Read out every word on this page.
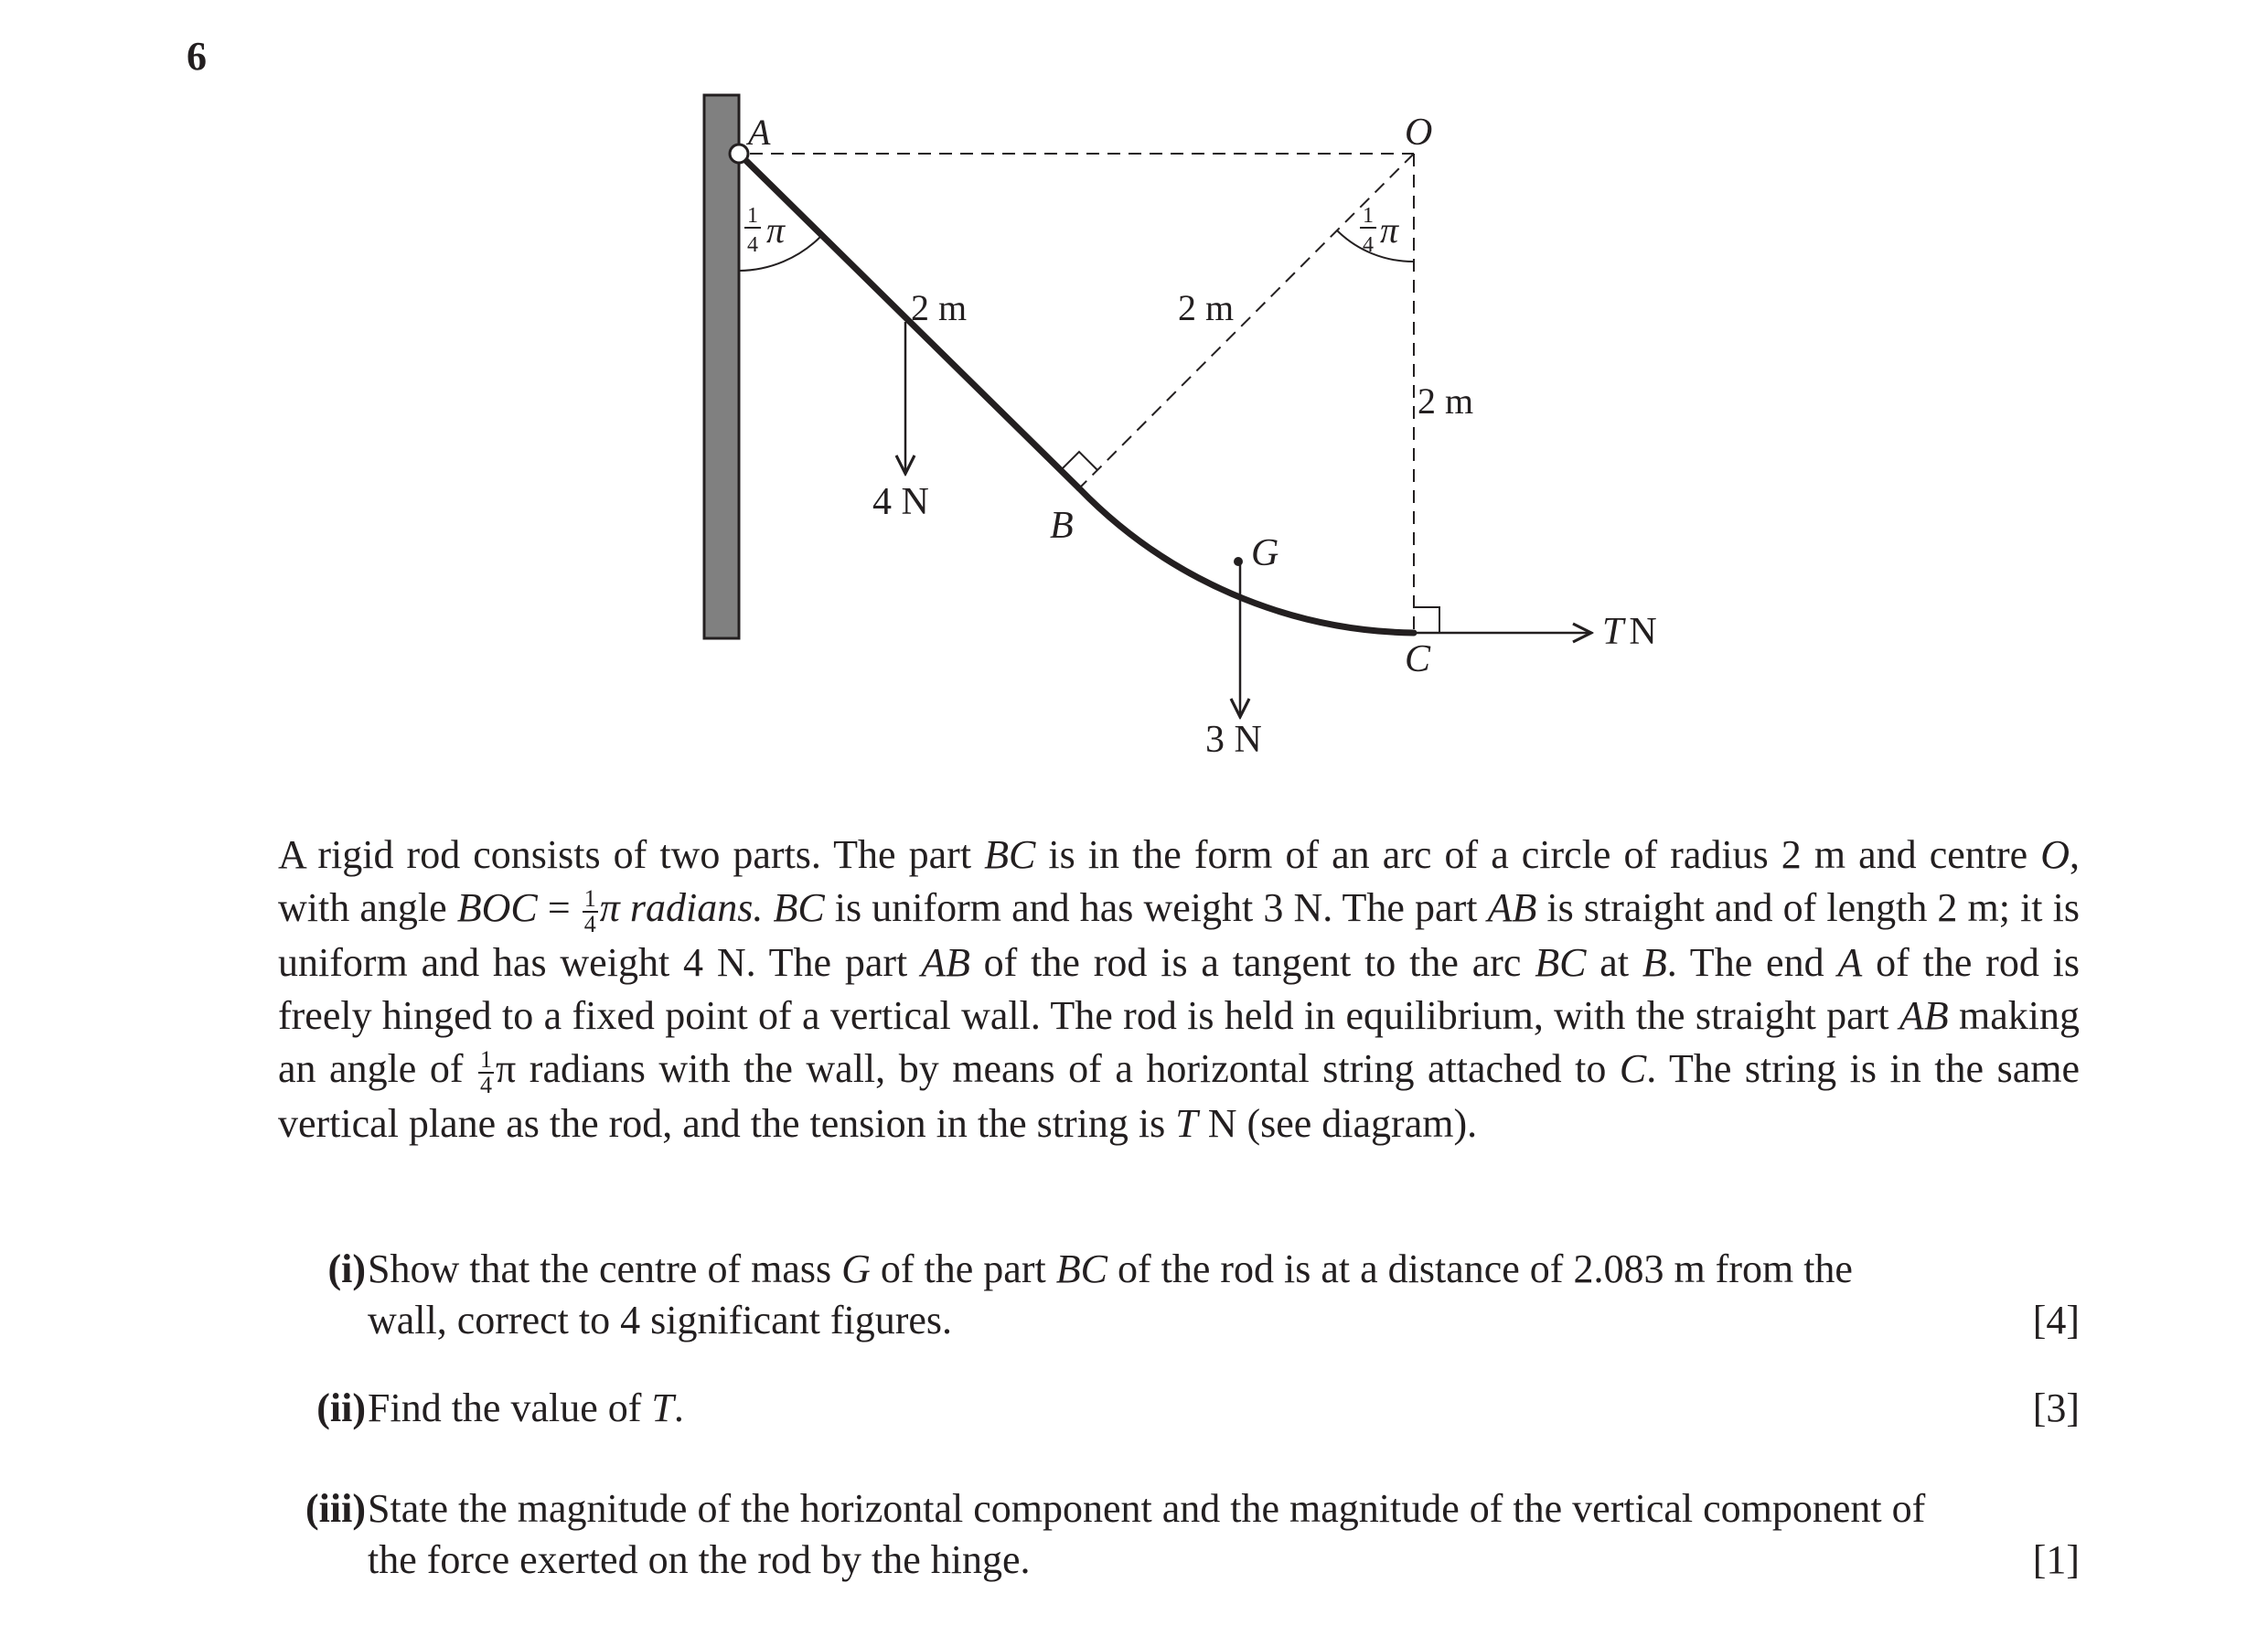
6
A	O
B
C
G
1
4 π	1
4 π
2 m	2 m
2 m
4 N
3 N
T N

A rigid rod consists of two parts. The part BC is in the form of an arc of a circle of radius 2 m and centre O, with angle BOC = $\frac{1}{4}$ π radians. BC is uniform and has weight 3 N. The part AB is straight and of length 2 m; it is uniform and has weight 4 N. The part AB of the rod is a tangent to the arc BC at B. The end A of the rod is freely hinged to a fixed point of a vertical wall. The rod is held in equilibrium, with the straight part AB making an angle of $\frac{1}{4}$ π radians with the wall, by means of a horizontal string attached to C. The string is in the same vertical plane as the rod, and the tension in the string is T N (see diagram).

(i) Show that the centre of mass G of the part BC of the rod is at a distance of 2.083 m from the
wall, correct to 4 significant figures.	[4]
(ii) Find the value of T.	[3]
(iii) State the magnitude of the horizontal component and the magnitude of the vertical component of
the force exerted on the rod by the hinge.	[1]
